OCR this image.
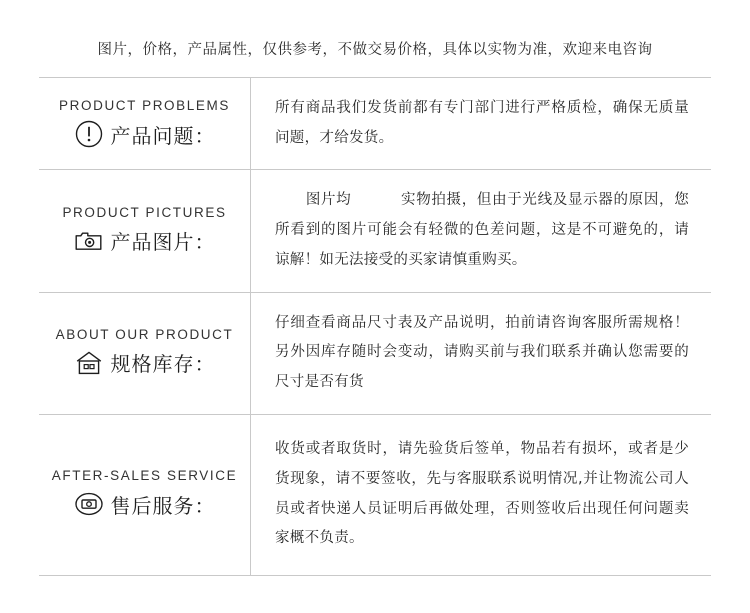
图片，价格，产品属性，仅供参考，不做交易价格，具体以实物为准，欢迎来电咨询
PRODUCT PROBLEMS
产品问题：
所有商品我们发货前都有专门部门进行严格质检，确保无质量问题，才给发货。
PRODUCT PICTURES
产品图片：
图片均	实物拍摄，但由于光线及显示器的原因，您所看到的图片可能会有轻微的色差问题，这是不可避免的，请谅解！如无法接受的买家请慎重购买。
ABOUT OUR PRODUCT
规格库存：
仔细查看商品尺寸表及产品说明，拍前请咨询客服所需规格！另外因库存随时会变动，请购买前与我们联系并确认您需要的尺寸是否有货
AFTER-SALES SERVICE
售后服务：
收货或者取货时，请先验货后签单，物品若有损坏，或者是少货现象，请不要签收，先与客服联系说明情况,并让物流公司人员或者快递人员证明后再做处理，否则签收后出现任何问题卖家概不负责。
